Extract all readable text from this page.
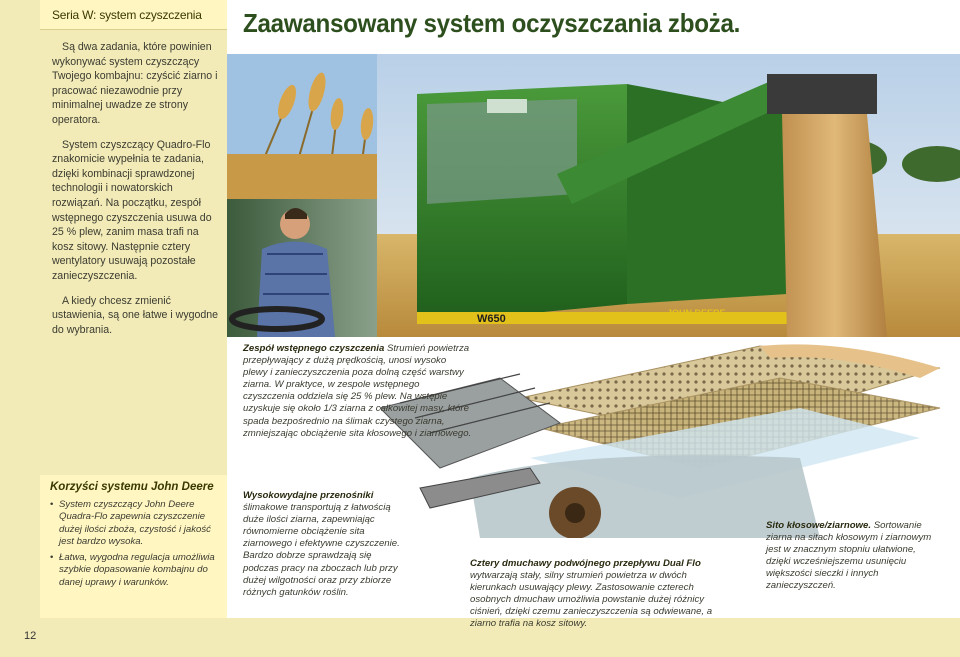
Seria W: system czyszczenia

Są dwa zadania, które powinien wykonywać system czyszczący Twojego kombajnu: czyścić ziarno i pracować niezawodnie przy minimalnej uwadze ze strony operatora.

System czyszczący Quadro-Flo znakomicie wypełnia te zadania, dzięki kombinacji sprawdzonej technologii i nowatorskich rozwiązań. Na początku, zespół wstępnego czyszczenia usuwa do 25 % plew, zanim masa trafi na kosz sitowy. Następnie cztery wentylatory usuwają pozostałe zanieczyszczenia.

A kiedy chcesz zmienić ustawienia, są one łatwe i wygodne do wybrania.

Korzyści systemu John Deere
• System czyszczący John Deere Quadra-Flo zapewnia czyszczenie dużej ilości zboża, czystość i jakość jest bardzo wysoka.
• Łatwa, wygodna regulacja umożliwia szybkie dopasowanie kombajnu do danej uprawy i warunków.
12
Zaawansowany system oczyszczania zboża.
W650	JOHN DEERE
Zespół wstępnego czyszczenia Strumień powietrza przepływający z dużą prędkością, unosi wysoko plewy i zanieczyszczenia poza dolną część warstwy ziarna. W praktyce, w zespole wstępnego czyszczenia oddziela się 25 % plew. Na wstępie uzyskuje się około 1/3 ziarna z całkowitej masy, które spada bezpośrednio na ślimak czystego ziarna, zmniejszając obciążenie sita kłosowego i ziarnowego.
Wysokowydajne przenośniki ślimakowe transportują z łatwością duże ilości ziarna, zapewniając równomierne obciążenie sita ziarnowego i efektywne czyszczenie. Bardzo dobrze sprawdzają się podczas pracy na zboczach lub przy dużej wilgotności oraz przy zbiorze różnych gatunków roślin.
Cztery dmuchawy podwójnego przepływu Dual Flo wytwarzają stały, silny strumień powietrza w dwóch kierunkach usuwający plewy. Zastosowanie czterech osobnych dmuchaw umożliwia powstanie dużej różnicy ciśnień, dzięki czemu zanieczyszczenia są odwiewane, a ziarno trafia na kosz sitowy.
Sito kłosowe/ziarnowe. Sortowanie ziarna na sitach kłosowym i ziarnowym jest w znacznym stopniu ułatwione, dzięki wcześniejszemu usunięciu większości sieczki i innych zanieczyszczeń.
